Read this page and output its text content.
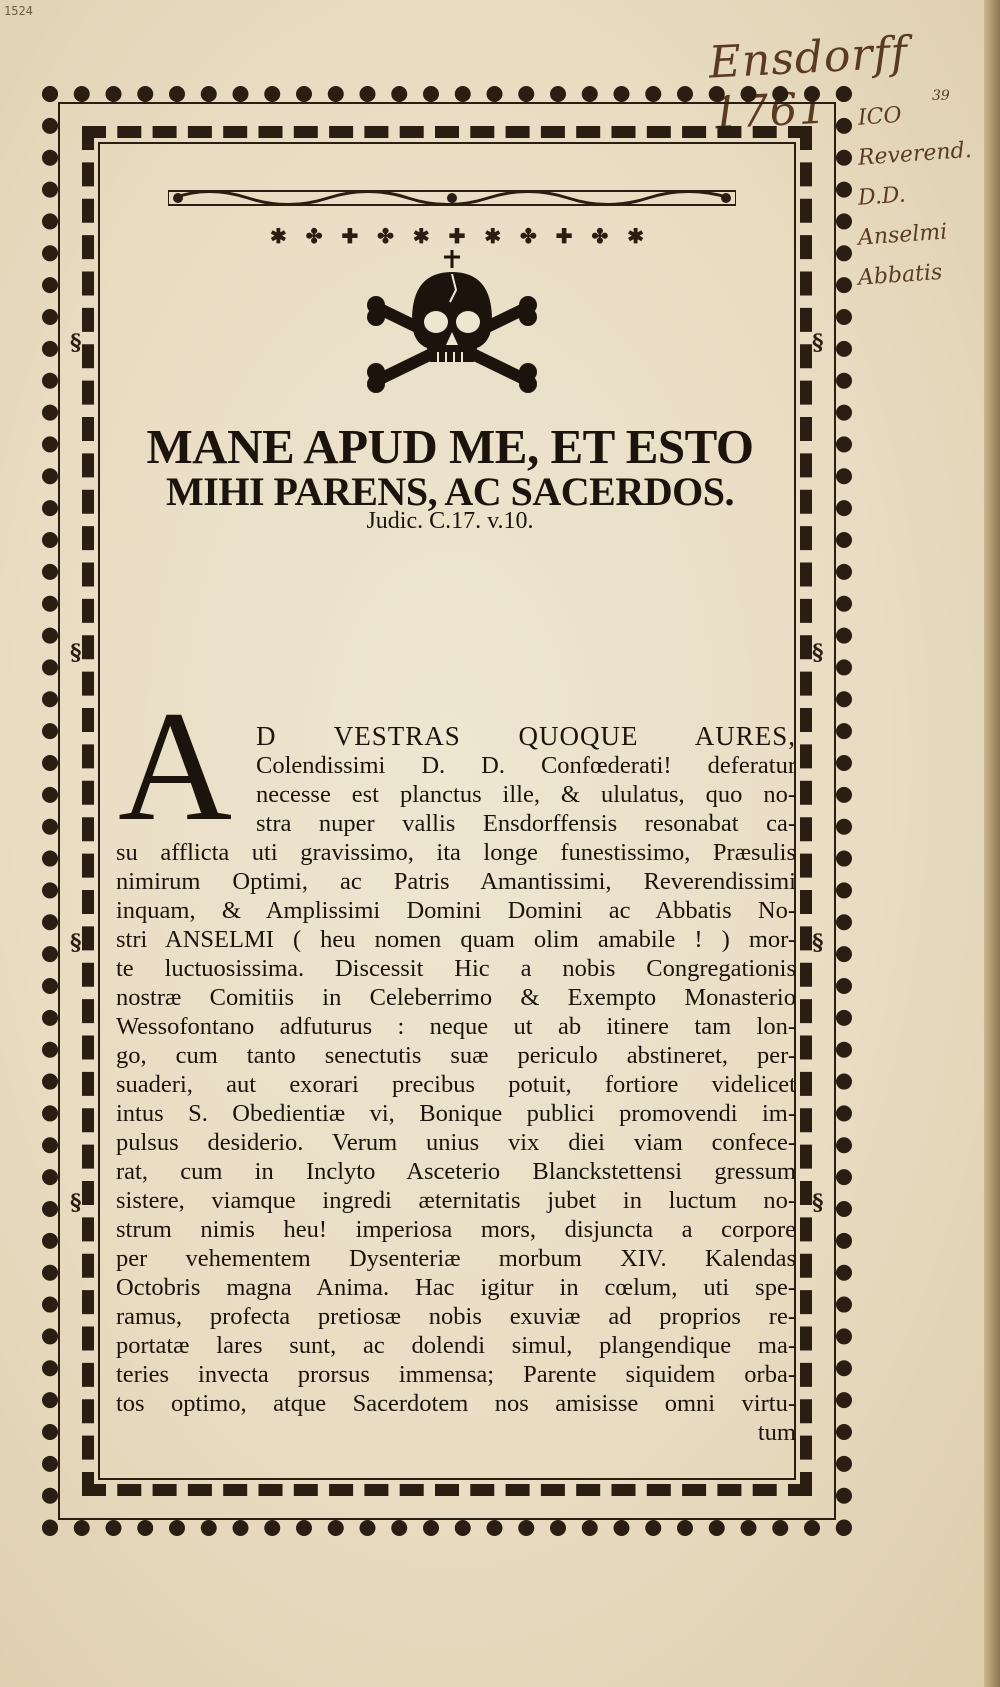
1524
Ensdorff 1761	39
ICO
Reverend.
D.D.
Anselmi
Abbatis
§
§
§
§
§
§
§
§
✱ ✤ ✚ ✤ ✱ ✚ ✱ ✤ ✚ ✤ ✱
MANE APUD ME, ET ESTO
MIHI PARENS, AC SACERDOS.
Judic. C.17. v.10.
A D VESTRAS QUOQUE AURES,
Colendissimi D. D. Confœderati! deferatur
necesse est planctus ille, & ululatus, quo no-
stra nuper vallis Ensdorffensis resonabat ca-
su afflicta uti gravissimo, ita longe funestissimo, Præsulis
nimirum Optimi, ac Patris Amantissimi, Reverendissimi
inquam, & Amplissimi Domini Domini ac Abbatis No-
stri ANSELMI ( heu nomen quam olim amabile ! ) mor-
te luctuosissima. Discessit Hic a nobis Congregationis
nostræ Comitiis in Celeberrimo & Exempto Monasterio
Wessofontano adfuturus : neque ut ab itinere tam lon-
go, cum tanto senectutis suæ periculo abstineret, per-
suaderi, aut exorari precibus potuit, fortiore videlicet
intus S. Obedientiæ vi, Bonique publici promovendi im-
pulsus desiderio. Verum unius vix diei viam confece-
rat, cum in Inclyto Asceterio Blanckstettensi gressum
sistere, viamque ingredi æternitatis jubet in luctum no-
strum nimis heu! imperiosa mors, disjuncta a corpore
per vehementem Dysenteriæ morbum XIV. Kalendas
Octobris magna Anima. Hac igitur in cœlum, uti spe-
ramus, profecta pretiosæ nobis exuviæ ad proprios re-
portatæ lares sunt, ac dolendi simul, plangendique ma-
teries invecta prorsus immensa; Parente siquidem orba-
tos optimo, atque Sacerdotem nos amisisse omni virtu-
tum
